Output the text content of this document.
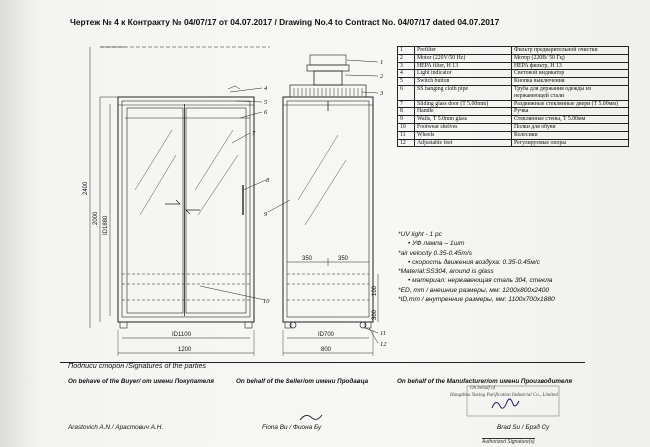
Чертеж № 4 к Контракту № 04/07/17 от 04.07.2017 / Drawing No.4 to Contract No. 04/07/17 dated 04.07.2017
2400
2000 ID1880
ID1100
1200
350	350
ID700
800
100
300
1
2
3
4
5
6
7
8
9
10
11
12
1	Prefilter	Фильтр предварительной очистки
2	Motor (220V/50 Hz)	Мотор (220В/ 50 Гц)
3	HEPA filter, H 13	HEPA фильтр, H 13
4	Light indicator	Световой индикатор
5	Switch button	Кнопка выключения
6	SS hanging cloth pipe	Труба для держания одежды из нержавеющей стали
7	Sliding glass door (T 5.00mm)	Раздвижные стеклянные двери (T 5.00мм)
8	Handle	Ручка
9	Walls, T 5.0mm glass	Стеклянные стены, T 5.00мм
10	Footwear shelves	Полки для обуви
11	Wheels	Колесики
12	Adjustable feet	Регулируемые опоры
*UV light - 1 pc
• УФ лампа – 1шт
*air velocity 0.35-0.45m/s
• скорость движения воздуха: 0.35-0.45м/с
*Material:SS304, around is glass
• материал: нержавеющая сталь 304, стекла
*ED, mm / внешние размеры, мм: 1200x800x2400
*ID,mm / внутренние размеры, мм: 1100x700x1880
Подписи сторон /Signatures of the parties
On behave of the Buyer/ от имени Покупателя	On behalf of the Seller/от имени Продавца	On behalf of the Manufacturer/от имени Производителя
On behalf of
Hangzhou Yaxing Purification Industrial Co., Limited
Arastovich A.N / Арастович А.Н.	Fiona Bu / Фиона Бу	Brad Su / Брэд Су
Authorized Signature(s)
